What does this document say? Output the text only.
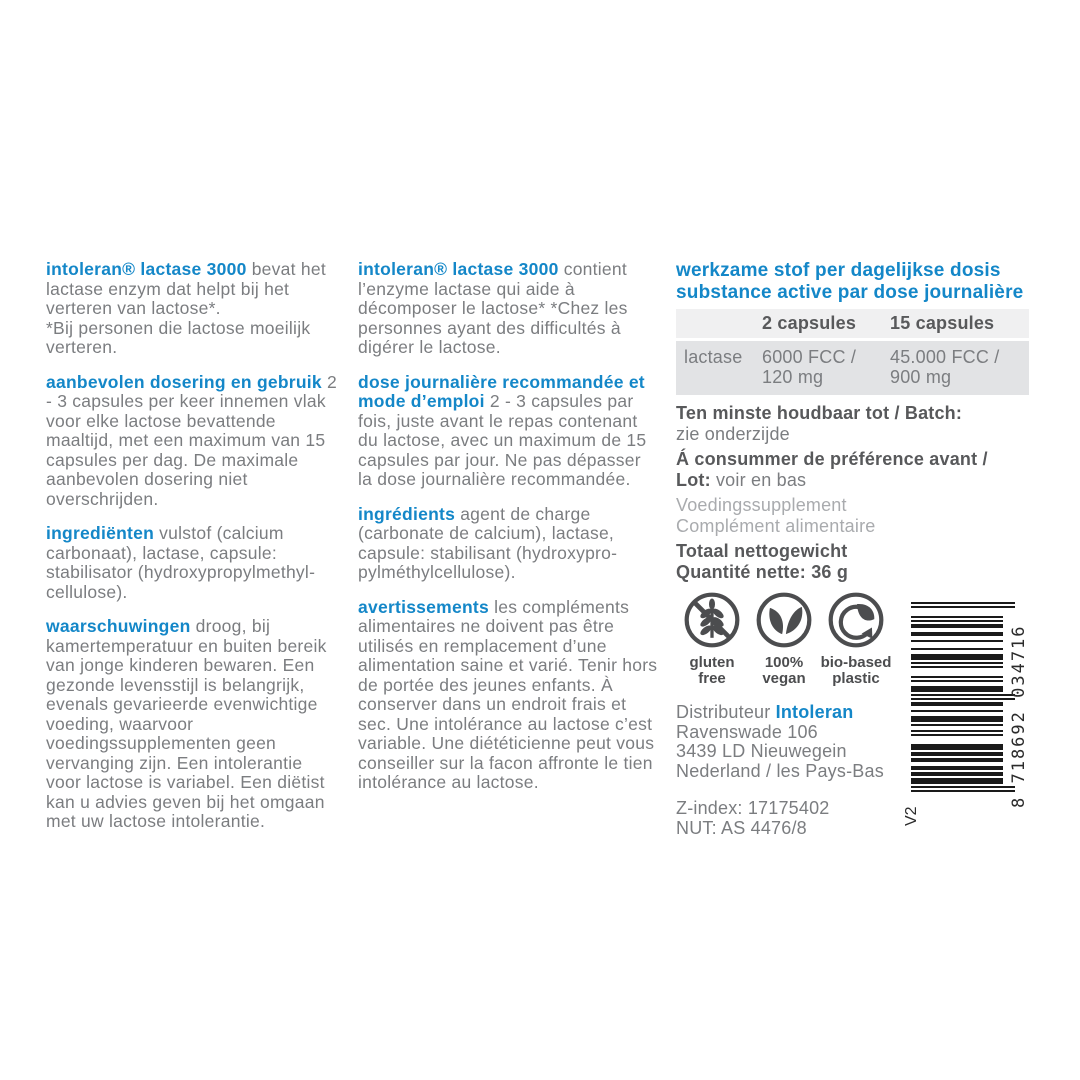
intoleran® lactase 3000 bevat het lactase enzym dat helpt bij het verteren van lactose*.
*Bij personen die lactose moeilijk verteren.

aanbevolen dosering en gebruik 2 - 3 capsules per keer innemen vlak voor elke lactose bevattende maaltijd, met een maximum van 15 capsules per dag. De maximale aanbevolen dosering niet overschrijden.

ingrediënten vulstof (calcium carbonaat), lactase, capsule: stabilisator (hydroxypropylmethylcellulose).

waarschuwingen droog, bij kamertemperatuur en buiten bereik van jonge kinderen bewaren. Een gezonde levensstijl is belangrijk, evenals gevarieerde evenwichtige voeding, waarvoor voedingssupplementen geen vervanging zijn. Een intolerantie voor lactose is variabel. Een diëtist kan u advies geven bij het omgaan met uw lactose intolerantie.

intoleran® lactase 3000 contient l’enzyme lactase qui aide à décomposer le lactose* *Chez les personnes ayant des difficultés à digérer le lactose.

dose journalière recommandée et mode d’emploi 2 - 3 capsules par fois, juste avant le repas contenant du lactose, avec un maximum de 15 capsules par jour. Ne pas dépasser la dose journalière recommandée.

ingrédients agent de charge (carbonate de calcium), lactase, capsule: stabilisant (hydroxypropylméthylcellulose).

avertissements les compléments alimentaires ne doivent pas être utilisés en remplacement d’une alimentation saine et varié. Tenir hors de portée des jeunes enfants. À conserver dans un endroit frais et sec. Une intolérance au lactose c’est variable. Une diététicienne peut vous conseiller sur la facon affronte le tien intolérance au lactose.

werkzame stof per dagelijkse dosis
substance active par dose journalière

2 capsules	15 capsules
lactase	6000 FCC /
120 mg
45.000 FCC /
900 mg

Ten minste houdbaar tot / Batch:
zie onderzijde

Á consummer de préférence avant /
Lot: voir en bas

Voedingssupplement
Complément alimentaire

Totaal nettogewicht
Quantité nette: 36 g

gluten
free
100%
vegan
bio-based
plastic

Distributeur Intoleran
Ravenswade 106
3439 LD Nieuwegein
Nederland / les Pays-Bas

Z-index: 17175402
NUT: AS 4476/8

8 718692 034716
V2
